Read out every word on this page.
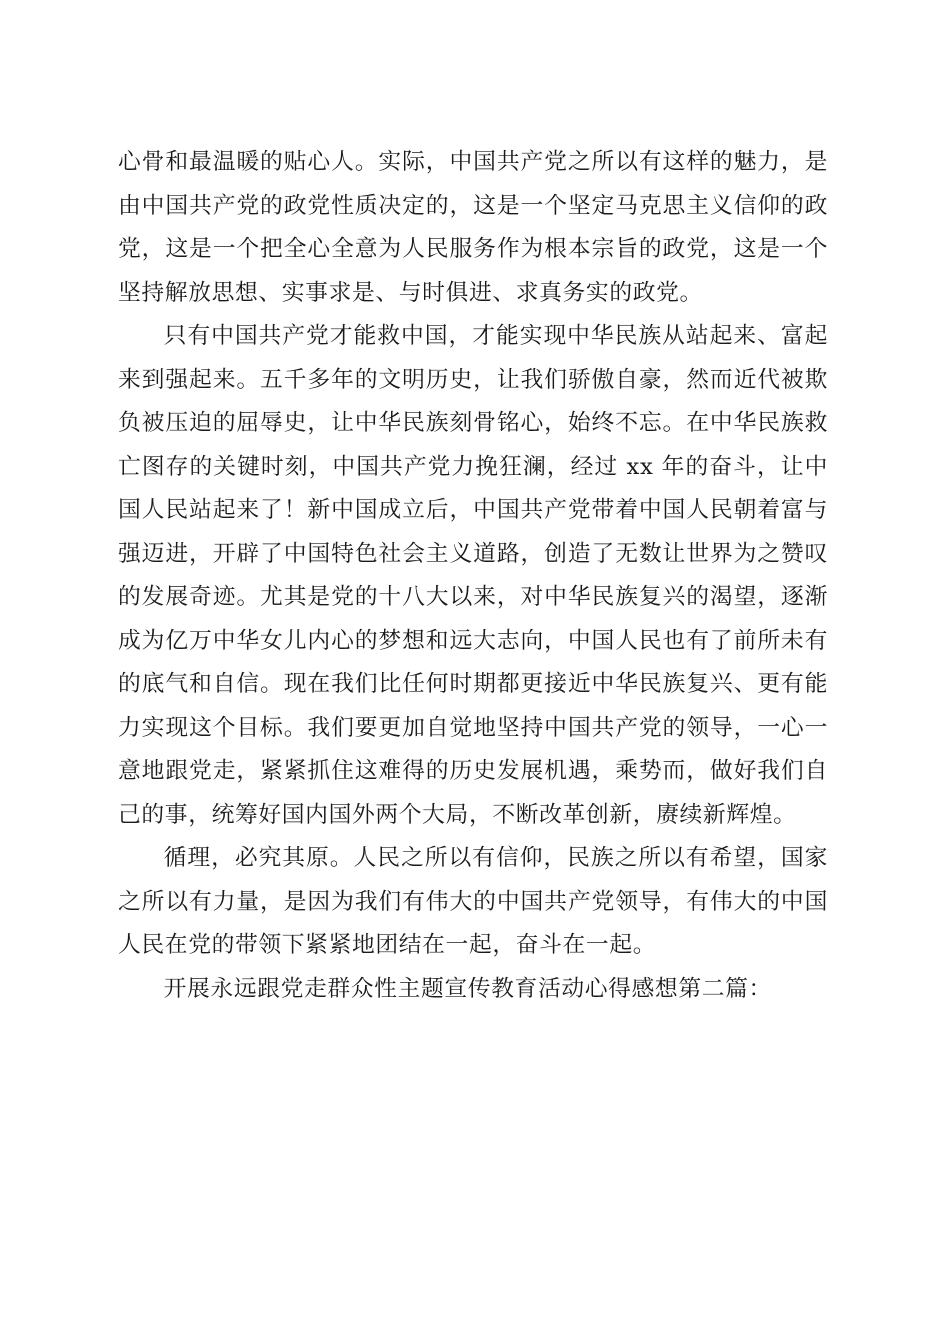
心骨和最温暖的贴心人。实际，中国共产党之所以有这样的魅力，是由中国共产党的政党性质决定的，这是一个坚定马克思主义信仰的政党，这是一个把全心全意为人民服务作为根本宗旨的政党，这是一个坚持解放思想、实事求是、与时俱进、求真务实的政党。

只有中国共产党才能救中国，才能实现中华民族从站起来、富起来到强起来。五千多年的文明历史，让我们骄傲自豪，然而近代被欺负被压迫的屈辱史，让中华民族刻骨铭心，始终不忘。在中华民族救亡图存的关键时刻，中国共产党力挽狂澜，经过 xx 年的奋斗，让中国人民站起来了！新中国成立后，中国共产党带着中国人民朝着富与强迈进，开辟了中国特色社会主义道路，创造了无数让世界为之赞叹的发展奇迹。尤其是党的十八大以来，对中华民族复兴的渴望，逐渐成为亿万中华女儿内心的梦想和远大志向，中国人民也有了前所未有的底气和自信。现在我们比任何时期都更接近中华民族复兴、更有能力实现这个目标。我们要更加自觉地坚持中国共产党的领导，一心一意地跟党走，紧紧抓住这难得的历史发展机遇，乘势而，做好我们自己的事，统筹好国内国外两个大局，不断改革创新，赓续新辉煌。

循理，必究其原。人民之所以有信仰，民族之所以有希望，国家之所以有力量，是因为我们有伟大的中国共产党领导，有伟大的中国人民在党的带领下紧紧地团结在一起，奋斗在一起。

开展永远跟党走群众性主题宣传教育活动心得感想第二篇：
